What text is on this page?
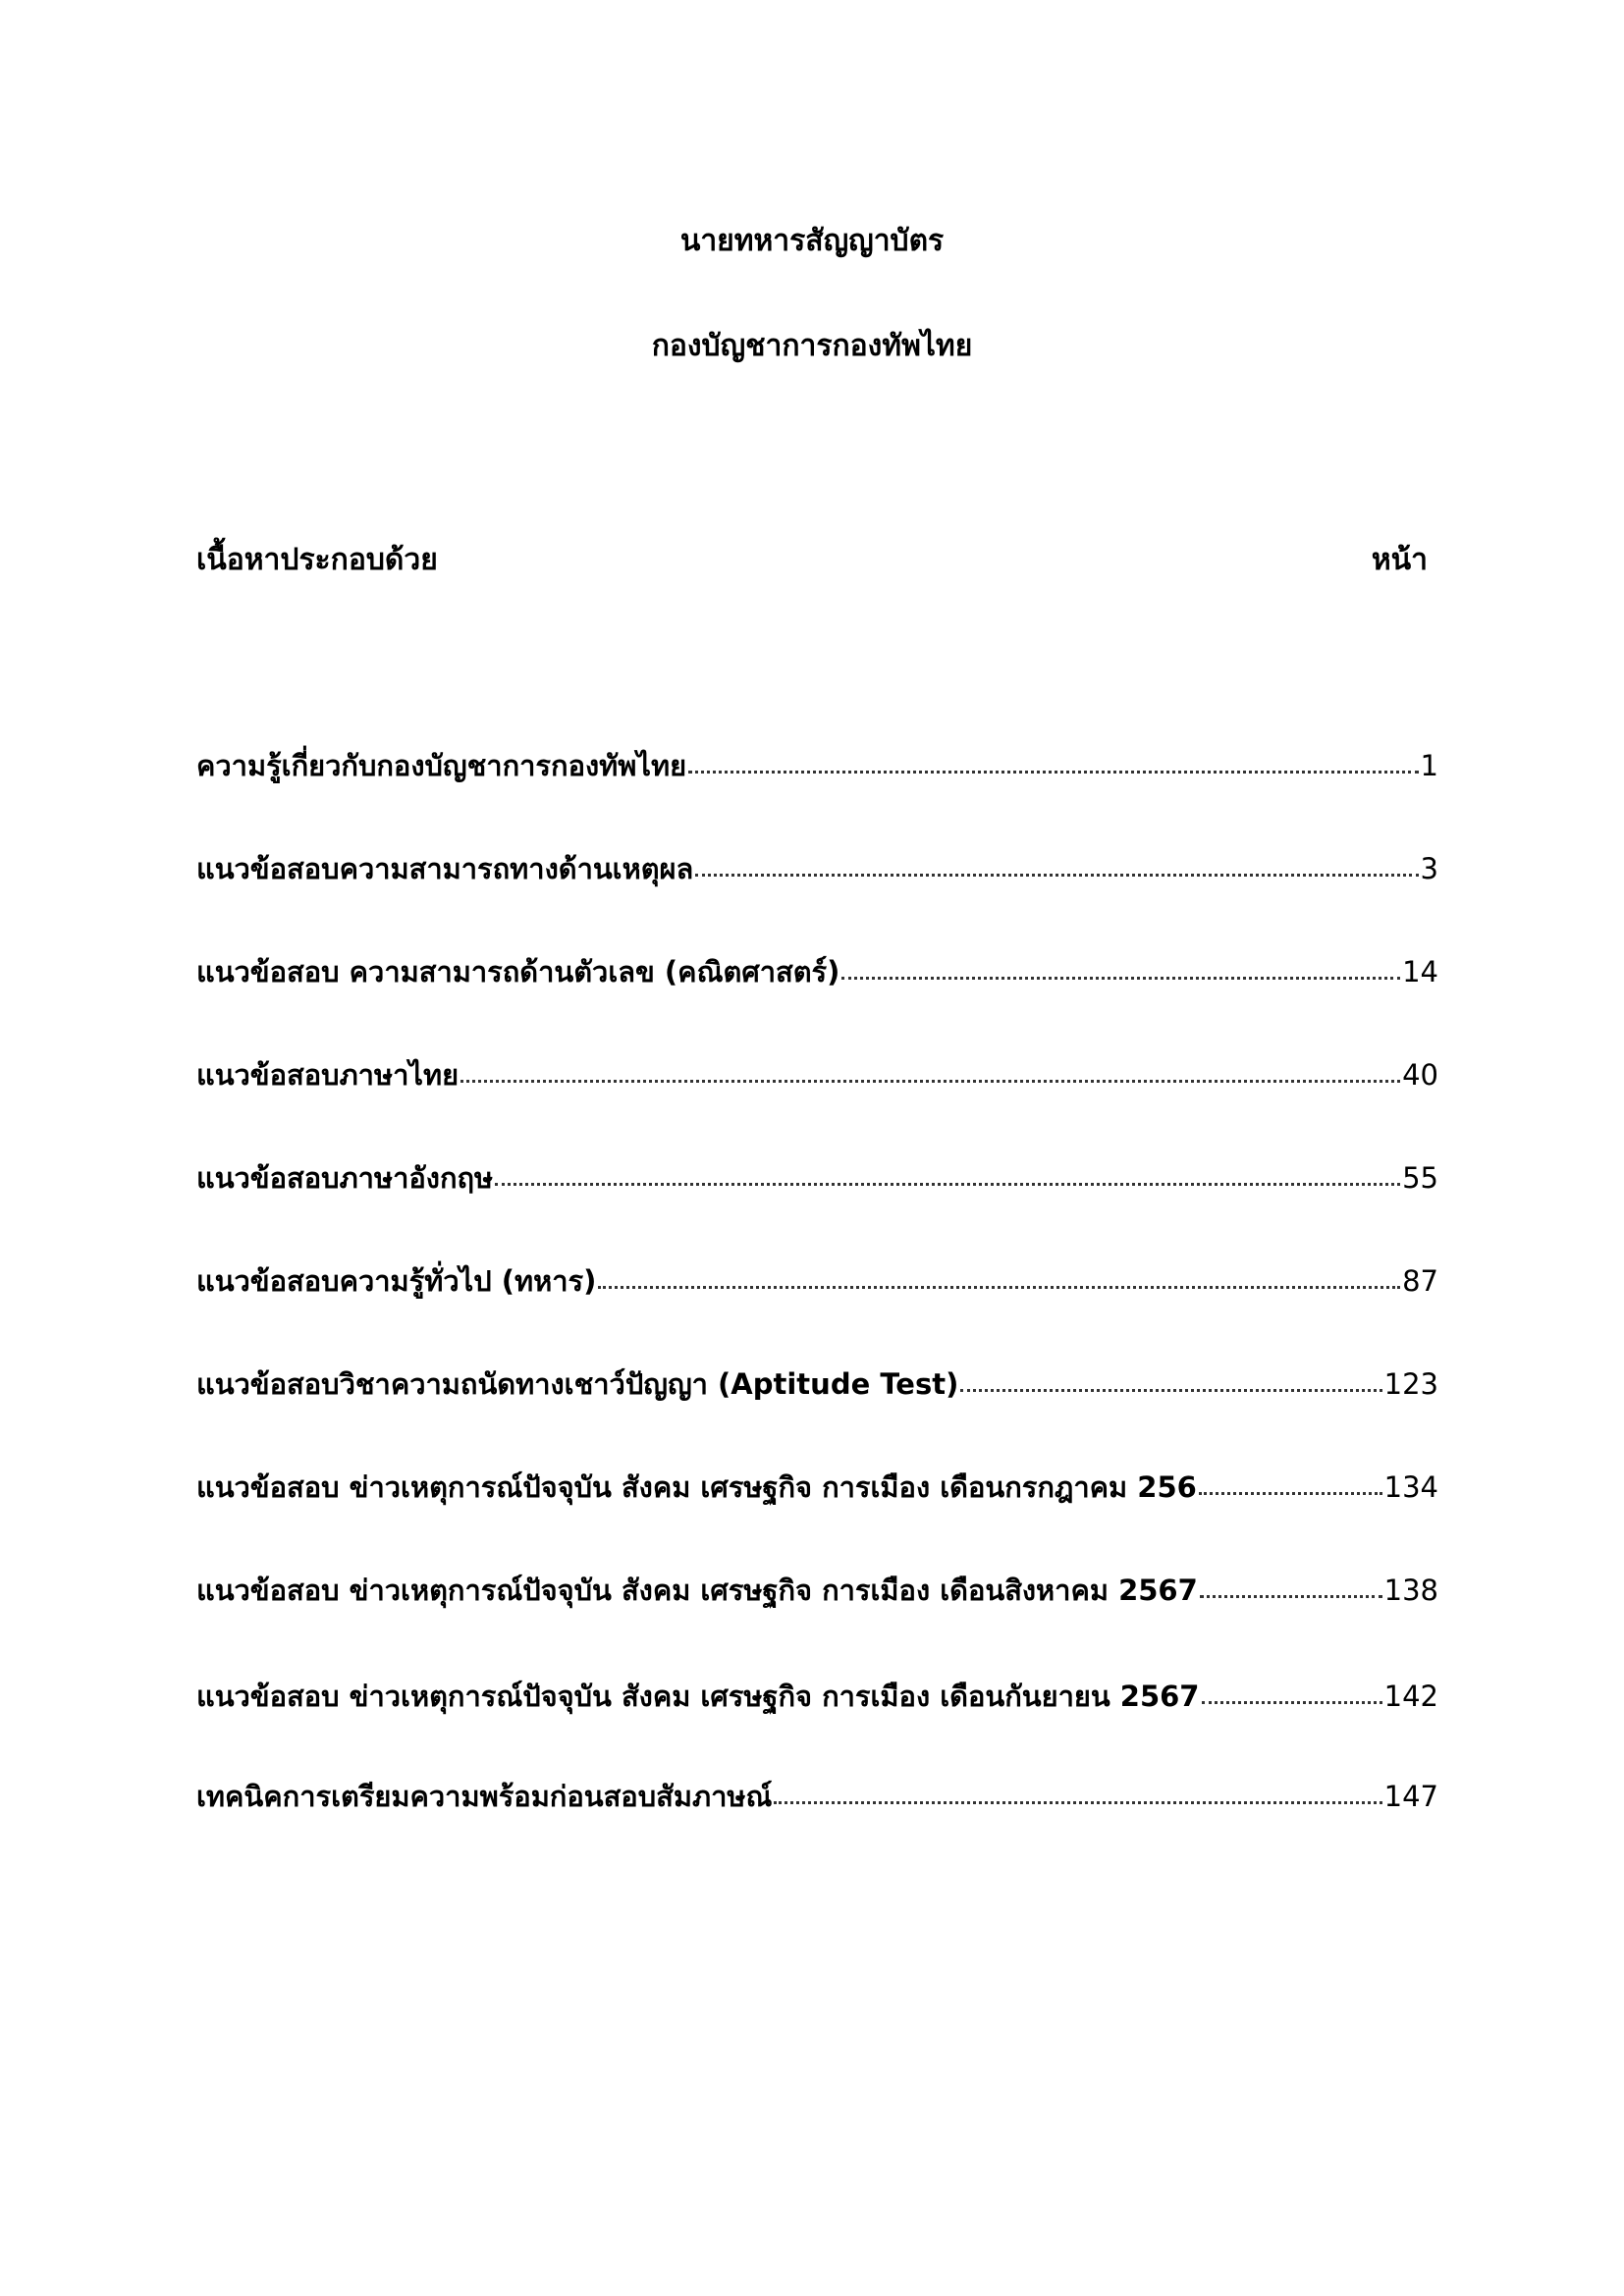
นายทหารสัญญาบัตร
กองบัญชาการกองทัพไทย
เนื้อหาประกอบด้วย	หน้า
ความรู้เกี่ยวกับกองบัญชาการกองทัพไทย	1
แนวข้อสอบความสามารถทางด้านเหตุผล	3
แนวข้อสอบ ความสามารถด้านตัวเลข (คณิตศาสตร์)	14
แนวข้อสอบภาษาไทย	40
แนวข้อสอบภาษาอังกฤษ	55
แนวข้อสอบความรู้ทั่วไป (ทหาร)	87
แนวข้อสอบวิชาความถนัดทางเชาว์ปัญญา (Aptitude Test)	123
แนวข้อสอบ ข่าวเหตุการณ์ปัจจุบัน สังคม เศรษฐกิจ การเมือง เดือนกรกฎาคม 256	134
แนวข้อสอบ ข่าวเหตุการณ์ปัจจุบัน สังคม เศรษฐกิจ การเมือง เดือนสิงหาคม 2567	138
แนวข้อสอบ ข่าวเหตุการณ์ปัจจุบัน สังคม เศรษฐกิจ การเมือง เดือนกันยายน 2567	142
เทคนิคการเตรียมความพร้อมก่อนสอบสัมภาษณ์	147
